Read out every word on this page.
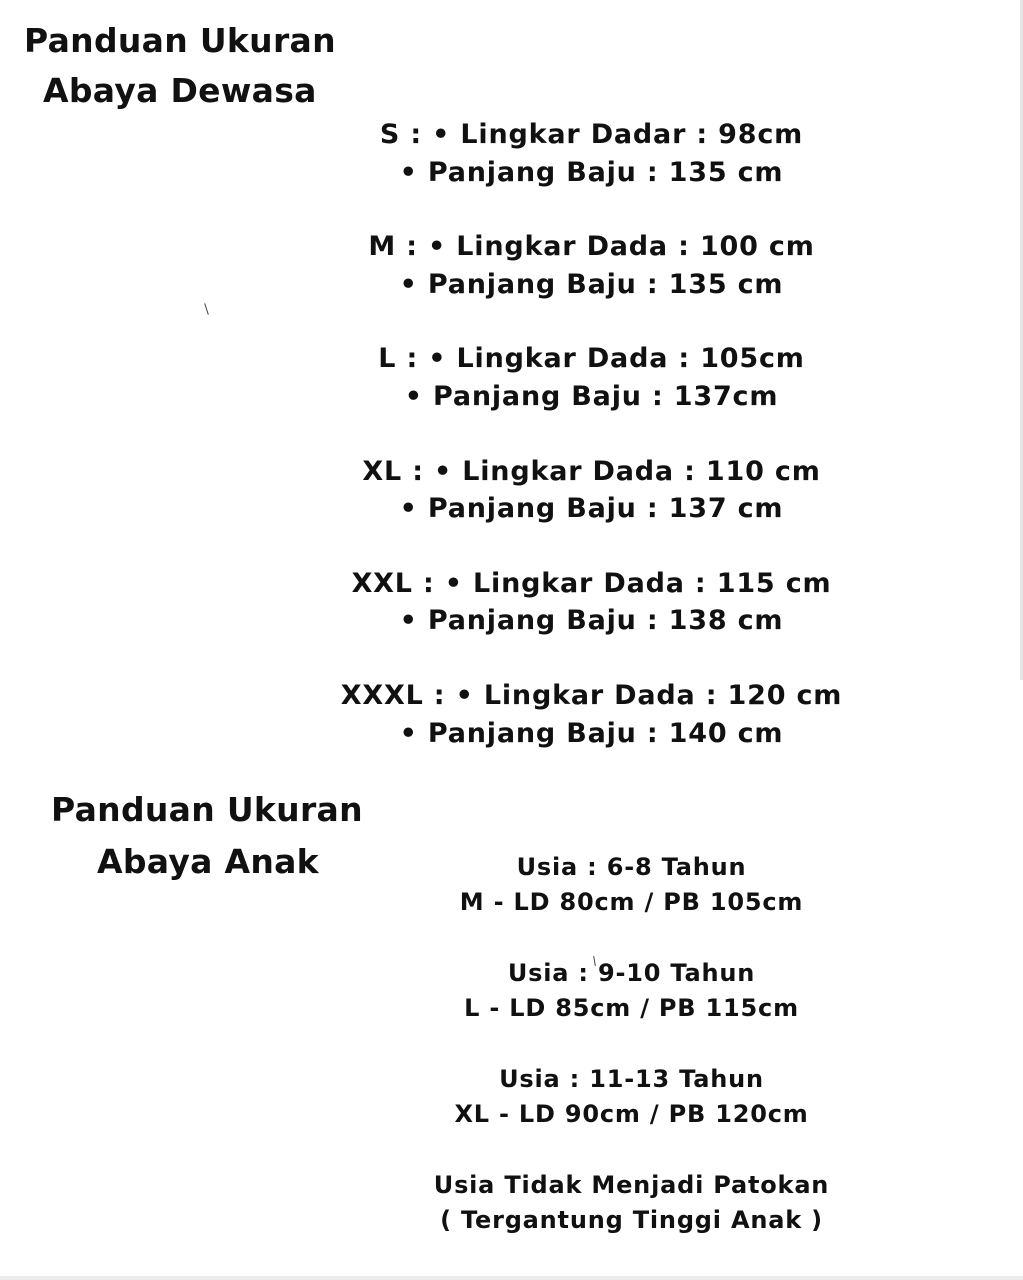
Panduan Ukuran
Abaya Dewasa
S : • Lingkar Dadar : 98cm
• Panjang Baju : 135 cm
M : • Lingkar Dada : 100 cm
• Panjang Baju : 135 cm
L : • Lingkar Dada : 105cm
• Panjang Baju : 137cm
XL : • Lingkar Dada : 110 cm
• Panjang Baju : 137 cm
XXL : • Lingkar Dada : 115 cm
• Panjang Baju : 138 cm
XXXL : • Lingkar Dada : 120 cm
• Panjang Baju : 140 cm
Panduan Ukuran
Abaya Anak	Usia : 6-8 Tahun
M - LD 80cm / PB 105cm
Usia : 9-10 Tahun
L - LD 85cm / PB 115cm
Usia : 11-13 Tahun
XL - LD 90cm / PB 120cm
Usia Tidak Menjadi Patokan
( Tergantung Tinggi Anak )
